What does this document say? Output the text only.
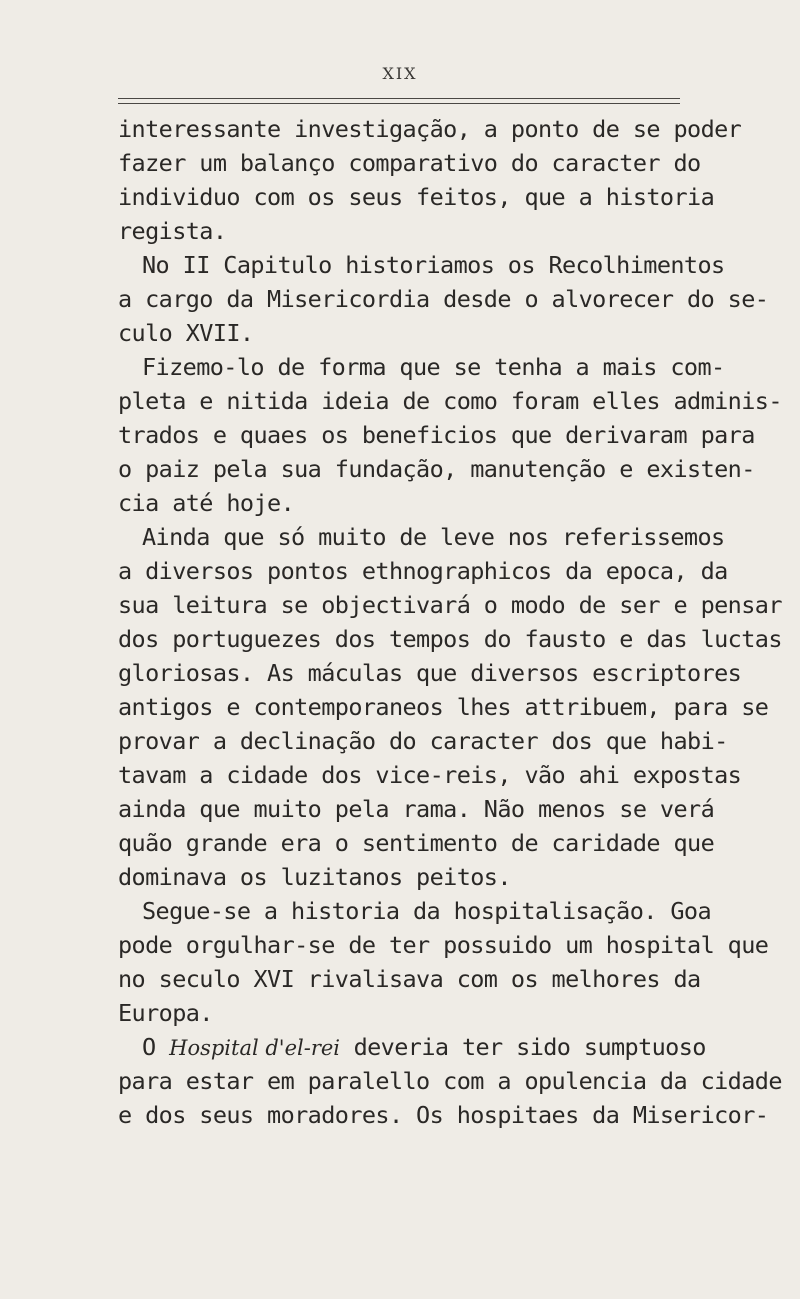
XIX
interessante investigação, a ponto de se poder
fazer um balanço comparativo do caracter do
individuo com os seus feitos, que a historia
regista.
No II Capitulo historiamos os Recolhimentos
a cargo da Misericordia desde o alvorecer do se-
culo XVII.
Fizemo-lo de forma que se tenha a mais com-
pleta e nitida ideia de como foram elles adminis-
trados e quaes os beneficios que derivaram para
o paiz pela sua fundação, manutenção e existen-
cia até hoje.
Ainda que só muito de leve nos referissemos
a diversos pontos ethnographicos da epoca, da
sua leitura se objectivará o modo de ser e pensar
dos portuguezes dos tempos do fausto e das luctas
gloriosas. As máculas que diversos escriptores
antigos e contemporaneos lhes attribuem, para se
provar a declinação do caracter dos que habi-
tavam a cidade dos vice-reis, vão ahi expostas
ainda que muito pela rama. Não menos se verá
quão grande era o sentimento de caridade que
dominava os luzitanos peitos.
Segue-se a historia da hospitalisação. Goa
pode orgulhar-se de ter possuido um hospital que
no seculo XVI rivalisava com os melhores da
Europa.
O Hospital d'el-rei deveria ter sido sumptuoso
para estar em paralello com a opulencia da cidade
e dos seus moradores. Os hospitaes da Misericor-
